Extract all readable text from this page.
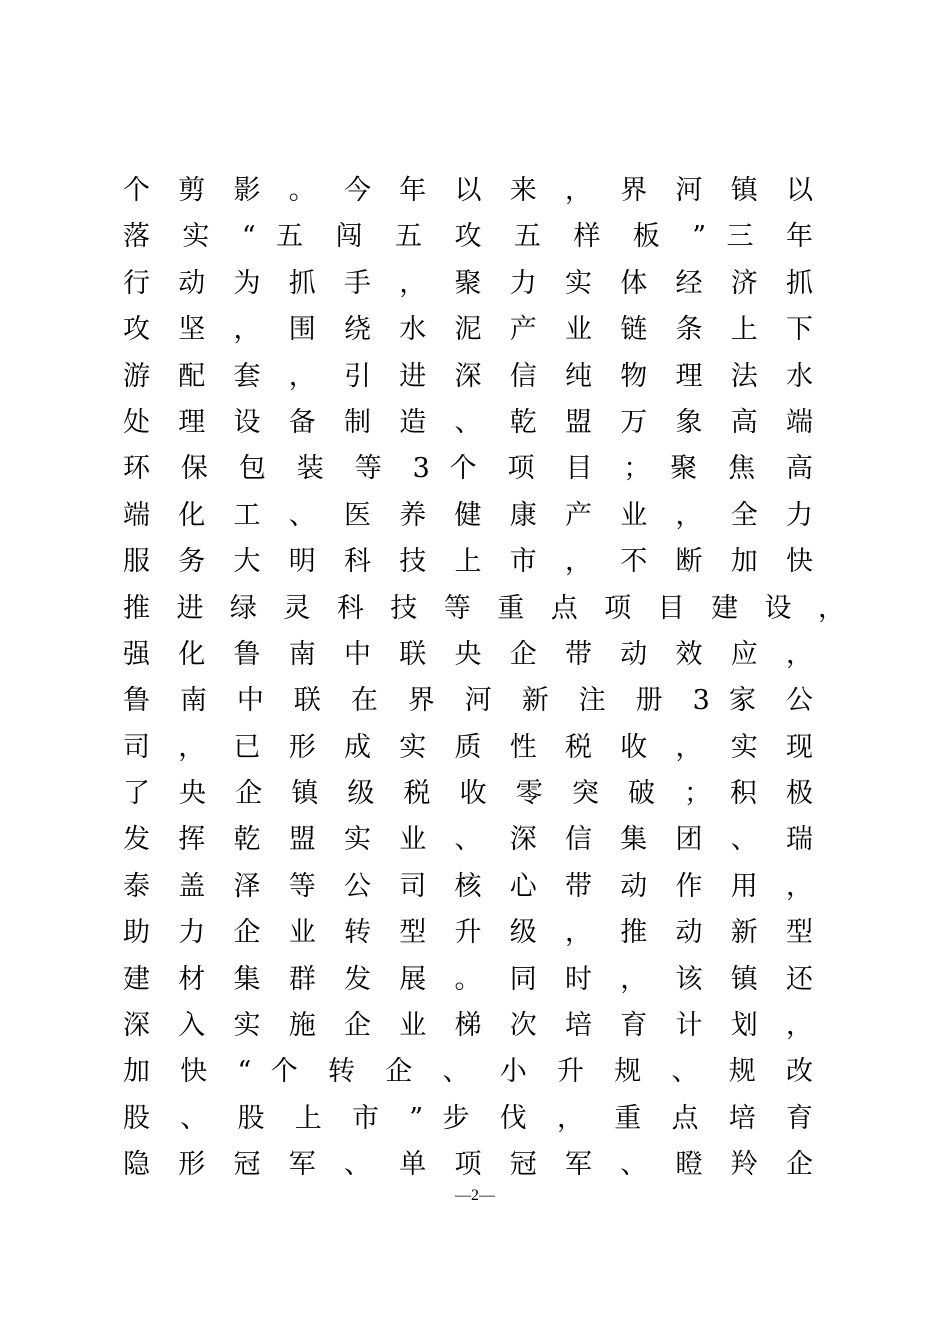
个 剪 影 。 今 年 以 来 ， 界 河 镇 以
落 实 “ 五 闯 五 攻 五 样 板 ” 三 年
行 动 为 抓 手 ， 聚 力 实 体 经 济 抓
攻 坚 ， 围 绕 水 泥 产 业 链 条 上 下
游 配 套 ， 引 进 深 信 纯 物 理 法 水
处 理 设 备 制 造 、 乾 盟 万 象 高 端
环 保 包 装 等 3 个 项 目 ； 聚 焦 高
端 化 工 、 医 养 健 康 产 业 ， 全 力
服 务 大 明 科 技 上 市 ， 不 断 加 快
推 进 绿 灵 科 技 等 重 点 项 目 建 设 ，
强 化 鲁 南 中 联 央 企 带 动 效 应 ，
鲁 南 中 联 在 界 河 新 注 册 3 家 公
司 ， 已 形 成 实 质 性 税 收 ， 实 现
了 央 企 镇 级 税 收 零 突 破 ； 积 极
发 挥 乾 盟 实 业 、 深 信 集 团 、 瑞
泰 盖 泽 等 公 司 核 心 带 动 作 用 ，
助 力 企 业 转 型 升 级 ， 推 动 新 型
建 材 集 群 发 展 。 同 时 ， 该 镇 还
深 入 实 施 企 业 梯 次 培 育 计 划 ，
加 快 “ 个 转 企 、 小 升 规 、 规 改
股 、 股 上 市 ” 步 伐 ， 重 点 培 育
隐 形 冠 军 、 单 项 冠 军 、 瞪 羚 企
—2—
